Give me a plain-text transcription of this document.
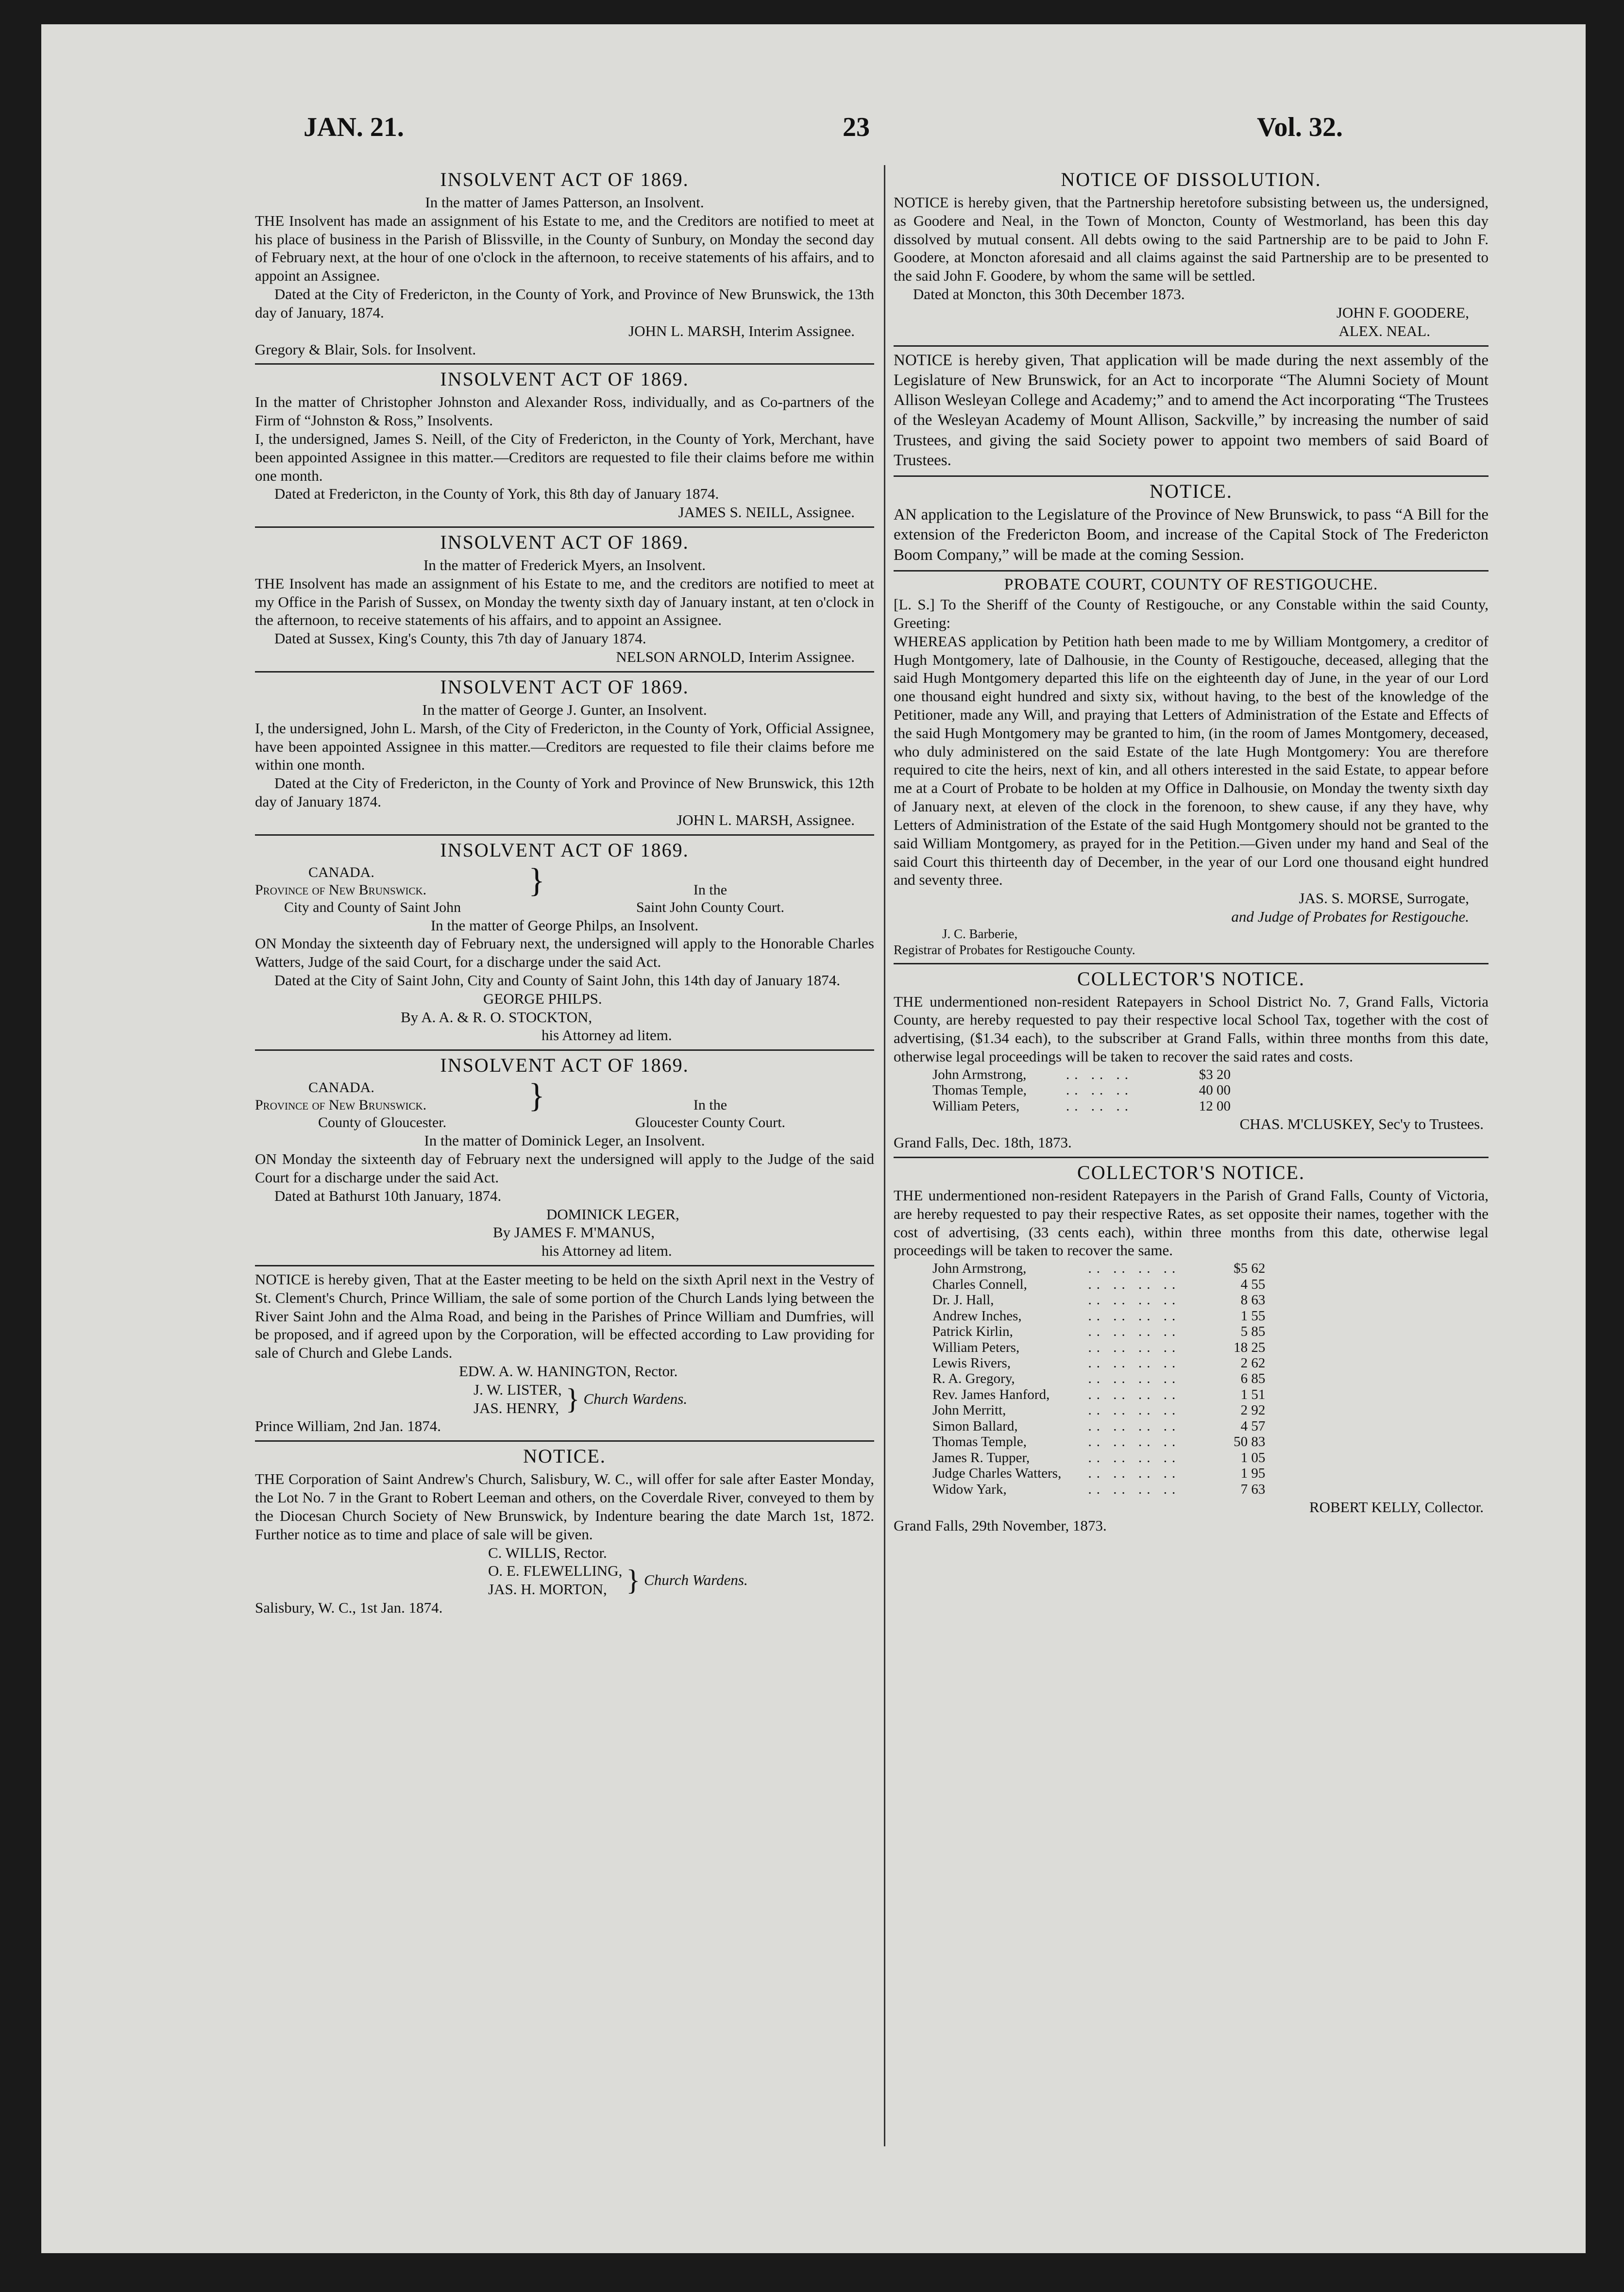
JAN. 21.	23	Vol. 32.
INSOLVENT ACT OF 1869.

In the matter of James Patterson, an Insolvent.

THE Insolvent has made an assignment of his Estate to me, and the Creditors are notified to meet at his place of business in the Parish of Blissville, in the County of Sunbury, on Monday the second day of February next, at the hour of one o'clock in the afternoon, to receive statements of his affairs, and to appoint an Assignee.

Dated at the City of Fredericton, in the County of York, and Province of New Brunswick, the 13th day of January, 1874.

JOHN L. MARSH, Interim Assignee.
Gregory & Blair, Sols. for Insolvent.
INSOLVENT ACT OF 1869.

In the matter of Christopher Johnston and Alexander Ross, individually, and as Co-partners of the Firm of “Johnston & Ross,” Insolvents.

I, the undersigned, James S. Neill, of the City of Fredericton, in the County of York, Merchant, have been appointed Assignee in this matter.—Creditors are requested to file their claims before me within one month.

Dated at Fredericton, in the County of York, this 8th day of January 1874.

JAMES S. NEILL, Assignee.
INSOLVENT ACT OF 1869.

In the matter of Frederick Myers, an Insolvent.

THE Insolvent has made an assignment of his Estate to me, and the creditors are notified to meet at my Office in the Parish of Sussex, on Monday the twenty sixth day of January instant, at ten o'clock in the afternoon, to receive statements of his affairs, and to appoint an Assignee.

Dated at Sussex, King's County, this 7th day of January 1874.

NELSON ARNOLD, Interim Assignee.
INSOLVENT ACT OF 1869.

In the matter of George J. Gunter, an Insolvent.

I, the undersigned, John L. Marsh, of the City of Fredericton, in the County of York, Official Assignee, have been appointed Assignee in this matter.—Creditors are requested to file their claims before me within one month.

Dated at the City of Fredericton, in the County of York and Province of New Brunswick, this 12th day of January 1874.

JOHN L. MARSH, Assignee.
INSOLVENT ACT OF 1869.
CANADA.
Province of New Brunswick.
City and County of Saint John
}	In the
Saint John County Court.

In the matter of George Philps, an Insolvent.

ON Monday the sixteenth day of February next, the undersigned will apply to the Honorable Charles Watters, Judge of the said Court, for a discharge under the said Act.

Dated at the City of Saint John, City and County of Saint John, this 14th day of January 1874.

GEORGE PHILPS.
By A. A. & R. O. STOCKTON,
his Attorney ad litem.
INSOLVENT ACT OF 1869.
CANADA.
Province of New Brunswick.
County of Gloucester.
}	In the
Gloucester County Court.

In the matter of Dominick Leger, an Insolvent.

ON Monday the sixteenth day of February next the undersigned will apply to the Judge of the said Court for a discharge under the said Act.

Dated at Bathurst 10th January, 1874.

DOMINICK LEGER,
By JAMES F. M'MANUS,
his Attorney ad litem.

NOTICE is hereby given, That at the Easter meeting to be held on the sixth April next in the Vestry of St. Clement's Church, Prince William, the sale of some portion of the Church Lands lying between the River Saint John and the Alma Road, and being in the Parishes of Prince William and Dumfries, will be proposed, and if agreed upon by the Corporation, will be effected according to Law providing for sale of Church and Glebe Lands.

EDW. A. W. HANINGTON, Rector.
J. W. LISTER,
JAS. HENRY, } Church Wardens.
Prince William, 2nd Jan. 1874.
NOTICE.

THE Corporation of Saint Andrew's Church, Salisbury, W. C., will offer for sale after Easter Monday, the Lot No. 7 in the Grant to Robert Leeman and others, on the Coverdale River, conveyed to them by the Diocesan Church Society of New Brunswick, by Indenture bearing the date March 1st, 1872. Further notice as to time and place of sale will be given.

C. WILLIS, Rector.
O. E. FLEWELLING,
JAS. H. MORTON, } Church Wardens.
Salisbury, W. C., 1st Jan. 1874.
NOTICE OF DISSOLUTION.

NOTICE is hereby given, that the Partnership heretofore subsisting between us, the undersigned, as Goodere and Neal, in the Town of Moncton, County of Westmorland, has been this day dissolved by mutual consent. All debts owing to the said Partnership are to be paid to John F. Goodere, at Moncton aforesaid and all claims against the said Partnership are to be presented to the said John F. Goodere, by whom the same will be settled.

Dated at Moncton, this 30th December 1873.

JOHN F. GOODERE,
ALEX. NEAL.

NOTICE is hereby given, That application will be made during the next assembly of the Legislature of New Brunswick, for an Act to incorporate “The Alumni Society of Mount Allison Wesleyan College and Academy;” and to amend the Act incorporating “The Trustees of the Wesleyan Academy of Mount Allison, Sackville,” by increasing the number of said Trustees, and giving the said Society power to appoint two members of said Board of Trustees.

NOTICE.

AN application to the Legislature of the Province of New Brunswick, to pass “A Bill for the extension of the Fredericton Boom, and increase of the Capital Stock of The Fredericton Boom Company,” will be made at the coming Session.

PROBATE COURT, COUNTY OF RESTIGOUCHE.

[L. S.] To the Sheriff of the County of Restigouche, or any Constable within the said County, Greeting:

WHEREAS application by Petition hath been made to me by William Montgomery, a creditor of Hugh Montgomery, late of Dalhousie, in the County of Restigouche, deceased, alleging that the said Hugh Montgomery departed this life on the eighteenth day of June, in the year of our Lord one thousand eight hundred and sixty six, without having, to the best of the knowledge of the Petitioner, made any Will, and praying that Letters of Administration of the Estate and Effects of the said Hugh Montgomery may be granted to him, (in the room of James Montgomery, deceased, who duly administered on the said Estate of the late Hugh Montgomery: You are therefore required to cite the heirs, next of kin, and all others interested in the said Estate, to appear before me at a Court of Probate to be holden at my Office in Dalhousie, on Monday the twenty sixth day of January next, at eleven of the clock in the forenoon, to shew cause, if any they have, why Letters of Administration of the Estate of the said Hugh Montgomery should not be granted to the said William Montgomery, as prayed for in the Petition.—Given under my hand and Seal of the said Court this thirteenth day of December, in the year of our Lord one thousand eight hundred and seventy three.

JAS. S. MORSE, Surrogate,
and Judge of Probates for Restigouche.
J. C. Barberie,
Registrar of Probates for Restigouche County.
COLLECTOR'S NOTICE.

THE undermentioned non-resident Ratepayers in School District No. 7, Grand Falls, Victoria County, are hereby requested to pay their respective local School Tax, together with the cost of advertising, ($1.34 each), to the subscriber at Grand Falls, within three months from this date, otherwise legal proceedings will be taken to recover the said rates and costs.

John Armstrong,	.. .. ..	$3 20
Thomas Temple,	.. .. ..	40 00
William Peters,	.. .. ..	12 00
CHAS. M'CLUSKEY, Sec'y to Trustees.
Grand Falls, Dec. 18th, 1873.
COLLECTOR'S NOTICE.

THE undermentioned non-resident Ratepayers in the Parish of Grand Falls, County of Victoria, are hereby requested to pay their respective Rates, as set opposite their names, together with the cost of advertising, (33 cents each), within three months from this date, otherwise legal proceedings will be taken to recover the same.

John Armstrong,	.. .. .. ..	$5 62
Charles Connell,	.. .. .. ..	4 55
Dr. J. Hall,	.. .. .. ..	8 63
Andrew Inches,	.. .. .. ..	1 55
Patrick Kirlin,	.. .. .. ..	5 85
William Peters,	.. .. .. ..	18 25
Lewis Rivers,	.. .. .. ..	2 62
R. A. Gregory,	.. .. .. ..	6 85
Rev. James Hanford,	.. .. .. ..	1 51
John Merritt,	.. .. .. ..	2 92
Simon Ballard,	.. .. .. ..	4 57
Thomas Temple,	.. .. .. ..	50 83
James R. Tupper,	.. .. .. ..	1 05
Judge Charles Watters,	.. .. .. ..	1 95
Widow Yark,	.. .. .. ..	7 63
ROBERT KELLY, Collector.
Grand Falls, 29th November, 1873.
